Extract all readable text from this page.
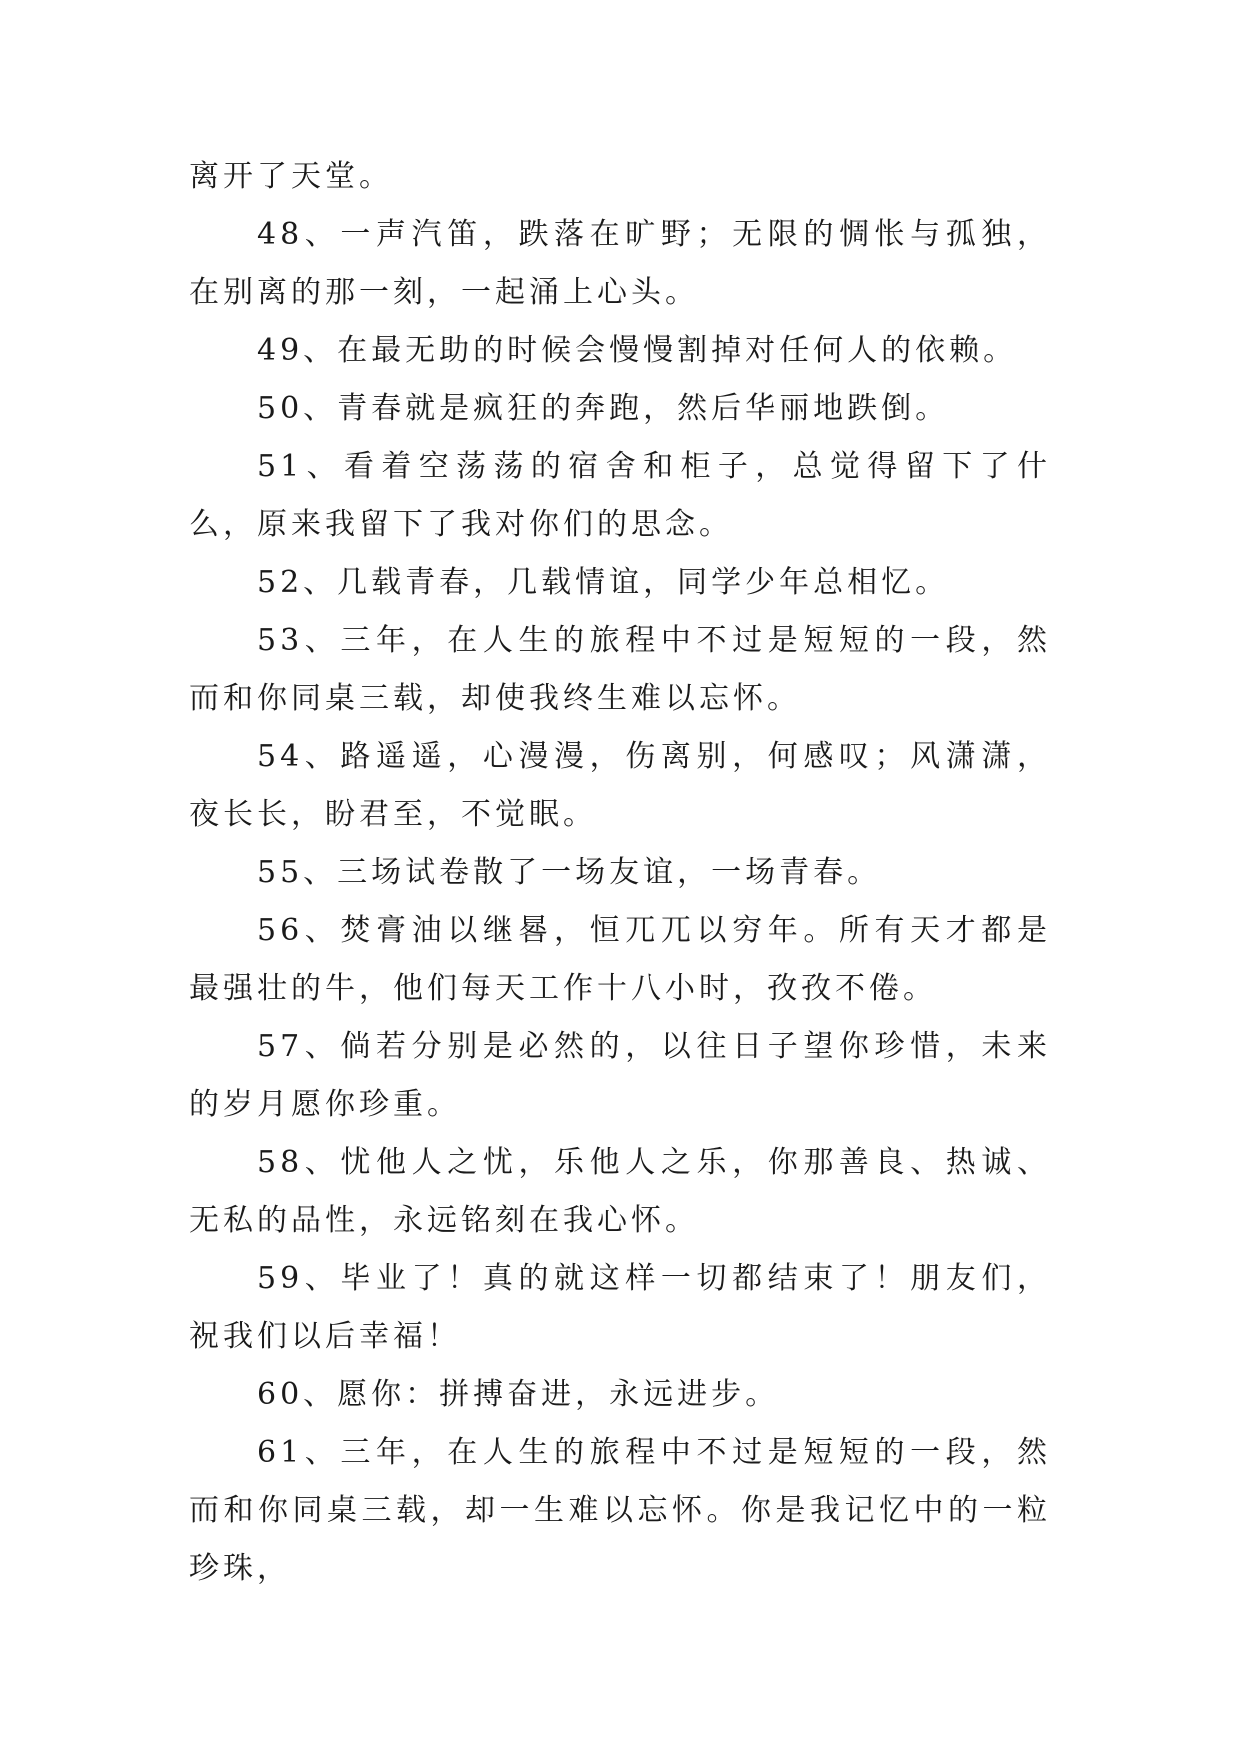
离开了天堂。

48、一声汽笛，跌落在旷野；无限的惆怅与孤独，在别离的那一刻，一起涌上心头。

49、在最无助的时候会慢慢割掉对任何人的依赖。

50、青春就是疯狂的奔跑，然后华丽地跌倒。

51、看着空荡荡的宿舍和柜子，总觉得留下了什么，原来我留下了我对你们的思念。

52、几载青春，几载情谊，同学少年总相忆。

53、三年，在人生的旅程中不过是短短的一段，然而和你同桌三载，却使我终生难以忘怀。

54、路遥遥，心漫漫，伤离别，何感叹；风潇潇，夜长长，盼君至，不觉眠。

55、三场试卷散了一场友谊，一场青春。

56、焚膏油以继晷，恒兀兀以穷年。所有天才都是最强壮的牛，他们每天工作十八小时，孜孜不倦。

57、倘若分别是必然的，以往日子望你珍惜，未来的岁月愿你珍重。

58、忧他人之忧，乐他人之乐，你那善良、热诚、无私的品性，永远铭刻在我心怀。

59、毕业了！真的就这样一切都结束了！朋友们，祝我们以后幸福！

60、愿你：拼搏奋进，永远进步。

61、三年，在人生的旅程中不过是短短的一段，然而和你同桌三载，却一生难以忘怀。你是我记忆中的一粒珍珠，
